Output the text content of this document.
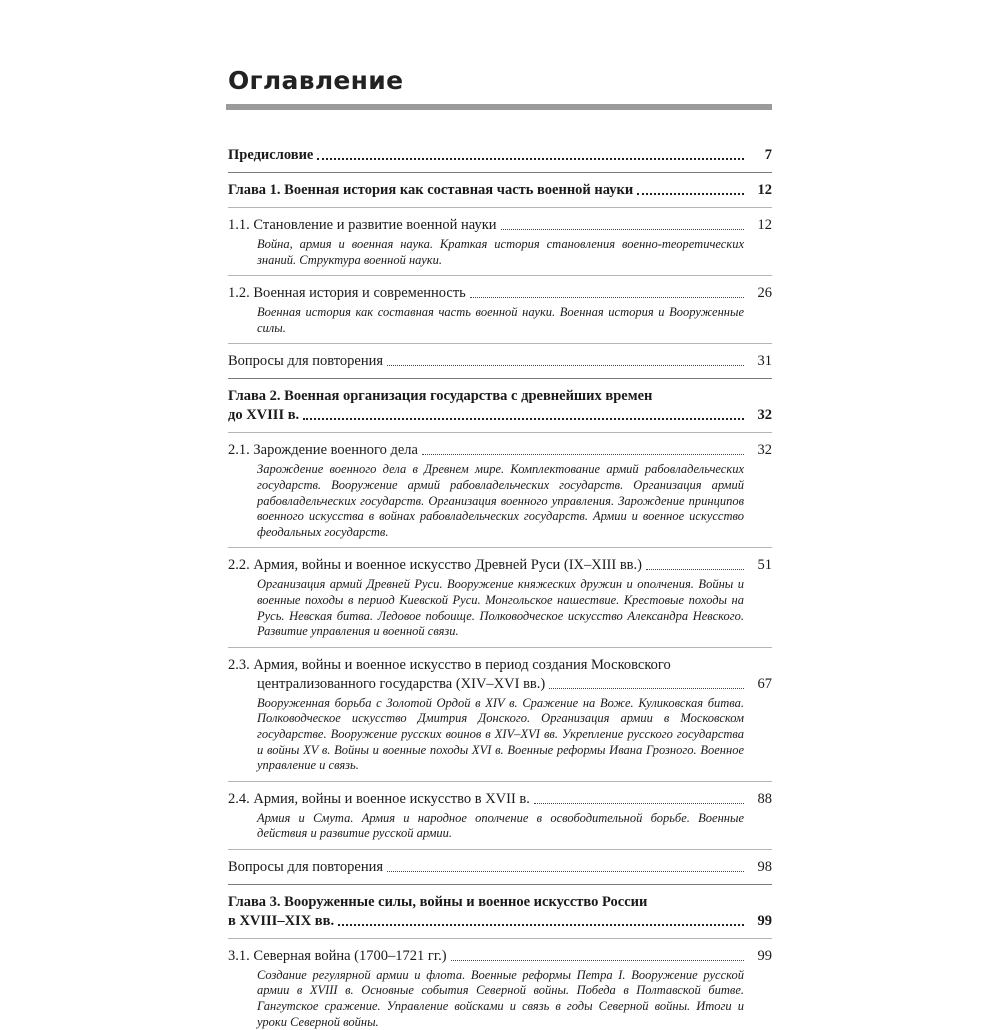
Оглавление
Предисловие	7
Глава 1. Военная история как составная часть военной науки	12
1.1. Становление и развитие военной науки	12
Война, армия и военная наука. Краткая история становления военно-теоретических знаний. Структура военной науки.
1.2. Военная история и современность	26
Военная история как составная часть военной науки. Военная история и Вооруженные силы.
Вопросы для повторения	31
Глава 2. Военная организация государства с древнейших времен
до XVIII в.	32
2.1. Зарождение военного дела	32
Зарождение военного дела в Древнем мире. Комплектование армий рабовладельческих государств. Вооружение армий рабовладельческих государств. Организация армий рабовладельческих государств. Организация военного управления. Зарождение принципов военного искусства в войнах рабовладельческих государств. Армии и военное искусство феодальных государств.
2.2. Армия, войны и военное искусство Древней Руси (IX–XIII вв.)	51
Организация армий Древней Руси. Вооружение княжеских дружин и ополчения. Войны и военные походы в период Киевской Руси. Монгольское нашествие. Крестовые походы на Русь. Невская битва. Ледовое побоище. Полководческое искусство Александра Невского. Развитие управления и военной связи.
2.3. Армия, войны и военное искусство в период создания Московского
централизованного государства (XIV–XVI вв.)	67
Вооруженная борьба с Золотой Ордой в XIV в. Сражение на Воже. Куликовская битва. Полководческое искусство Дмитрия Донского. Организация армии в Московском государстве. Вооружение русских воинов в XIV–XVI вв. Укрепление русского государства и войны XV в. Войны и военные походы XVI в. Военные реформы Ивана Грозного. Военное управление и связь.
2.4. Армия, войны и военное искусство в XVII в.	88
Армия и Смута. Армия и народное ополчение в освободительной борьбе. Военные действия и развитие русской армии.
Вопросы для повторения	98
Глава 3. Вооруженные силы, войны и военное искусство России
в XVIII–XIX вв.	99
3.1. Северная война (1700–1721 гг.)	99
Создание регулярной армии и флота. Военные реформы Петра I. Вооружение русской армии в XVIII в. Основные события Северной войны. Победа в Полтавской битве. Гангутское сражение. Управление войсками и связь в годы Северной войны. Итоги и уроки Северной войны.
